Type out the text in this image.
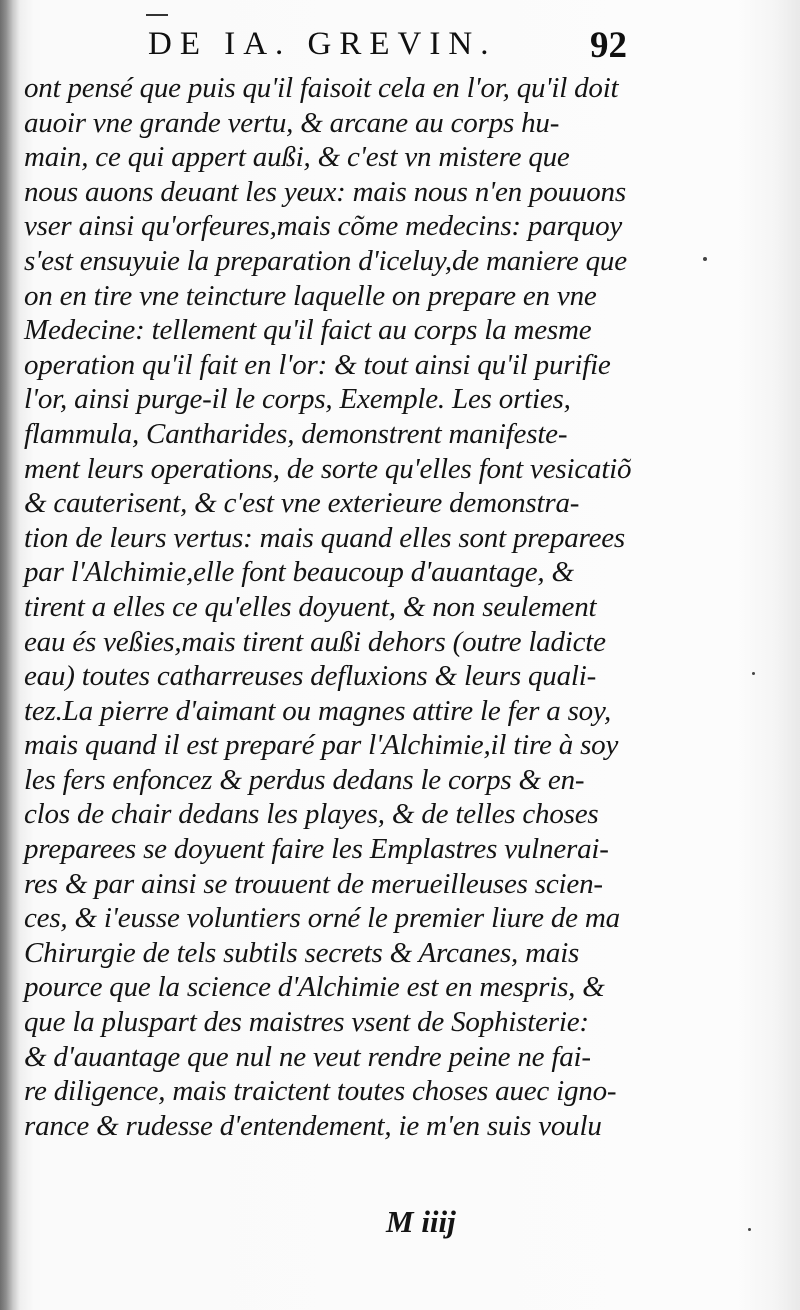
DE IA. GREVIN.	92
ont pensé que puis qu'il faisoit cela en l'or, qu'il doit
auoir vne grande vertu, & arcane au corps hu-
main, ce qui appert außi, & c'est vn mistere que
nous auons deuant les yeux: mais nous n'en pouuons
vser ainsi qu'orfeures,mais cõme medecins: parquoy
s'est ensuyuie la preparation d'iceluy,de maniere que
on en tire vne teincture laquelle on prepare en vne
Medecine: tellement qu'il faict au corps la mesme
operation qu'il fait en l'or: & tout ainsi qu'il purifie
l'or, ainsi purge-il le corps, Exemple. Les orties,
flammula, Cantharides, demonstrent manifeste-
ment leurs operations, de sorte qu'elles font vesicatiõ
& cauterisent, & c'est vne exterieure demonstra-
tion de leurs vertus: mais quand elles sont preparees
par l'Alchimie,elle font beaucoup d'auantage, &
tirent a elles ce qu'elles doyuent, & non seulement
eau és veßies,mais tirent außi dehors (outre ladicte
eau) toutes catharreuses defluxions & leurs quali-
tez.La pierre d'aimant ou magnes attire le fer a soy,
mais quand il est preparé par l'Alchimie,il tire à soy
les fers enfoncez & perdus dedans le corps & en-
clos de chair dedans les playes, & de telles choses
preparees se doyuent faire les Emplastres vulnerai-
res & par ainsi se trouuent de merueilleuses scien-
ces, & i'eusse voluntiers orné le premier liure de ma
Chirurgie de tels subtils secrets & Arcanes, mais
pource que la science d'Alchimie est en mespris, &
que la pluspart des maistres vsent de Sophisterie:
& d'auantage que nul ne veut rendre peine ne fai-
re diligence, mais traictent toutes choses auec igno-
rance & rudesse d'entendement, ie m'en suis voulu
M iiij
